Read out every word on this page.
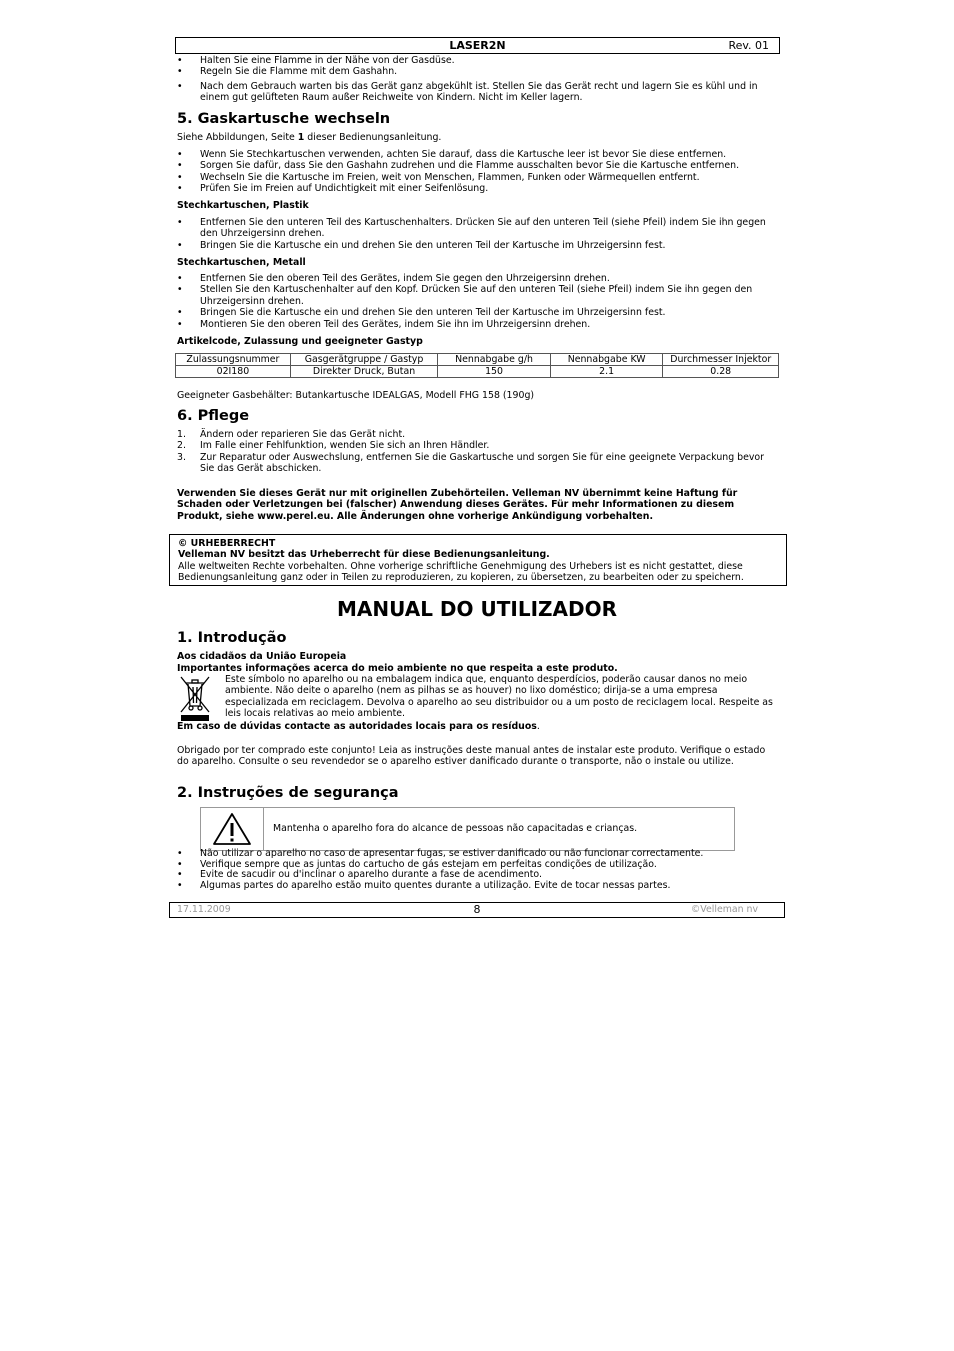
LASER2N	Rev. 01
• Halten Sie eine Flamme in der Nähe von der Gasdüse.
• Regeln Sie die Flamme mit dem Gashahn.
• Nach dem Gebrauch warten bis das Gerät ganz abgekühlt ist. Stellen Sie das Gerät recht und lagern Sie es kühl und in einem gut gelüfteten Raum außer Reichweite von Kindern. Nicht im Keller lagern.
5. Gaskartusche wechseln
Siehe Abbildungen, Seite 1 dieser Bedienungsanleitung.
• Wenn Sie Stechkartuschen verwenden, achten Sie darauf, dass die Kartusche leer ist bevor Sie diese entfernen.
• Sorgen Sie dafür, dass Sie den Gashahn zudrehen und die Flamme ausschalten bevor Sie die Kartusche entfernen.
• Wechseln Sie die Kartusche im Freien, weit von Menschen, Flammen, Funken oder Wärmequellen entfernt.
• Prüfen Sie im Freien auf Undichtigkeit mit einer Seifenlösung.
Stechkartuschen, Plastik
• Entfernen Sie den unteren Teil des Kartuschenhalters. Drücken Sie auf den unteren Teil (siehe Pfeil) indem Sie ihn gegen den Uhrzeigersinn drehen.
• Bringen Sie die Kartusche ein und drehen Sie den unteren Teil der Kartusche im Uhrzeigersinn fest.
Stechkartuschen, Metall
• Entfernen Sie den oberen Teil des Gerätes, indem Sie gegen den Uhrzeigersinn drehen.
• Stellen Sie den Kartuschenhalter auf den Kopf. Drücken Sie auf den unteren Teil (siehe Pfeil) indem Sie ihn gegen den Uhrzeigersinn drehen.
• Bringen Sie die Kartusche ein und drehen Sie den unteren Teil der Kartusche im Uhrzeigersinn fest.
• Montieren Sie den oberen Teil des Gerätes, indem Sie ihn im Uhrzeigersinn drehen.
Artikelcode, Zulassung und geeigneter Gastyp
Zulassungsnummer	Gasgerätgruppe / Gastyp	Nennabgabe g/h	Nennabgabe KW	Durchmesser Injektor
02I180	Direkter Druck, Butan	150	2.1	0.28
Geeigneter Gasbehälter: Butankartusche IDEALGAS, Modell FHG 158 (190g)
6. Pflege
1. Ändern oder reparieren Sie das Gerät nicht.
2. Im Falle einer Fehlfunktion, wenden Sie sich an Ihren Händler.
3. Zur Reparatur oder Auswechslung, entfernen Sie die Gaskartusche und sorgen Sie für eine geeignete Verpackung bevor Sie das Gerät abschicken.
Verwenden Sie dieses Gerät nur mit originellen Zubehörteilen. Velleman NV übernimmt keine Haftung für Schaden oder Verletzungen bei (falscher) Anwendung dieses Gerätes. Für mehr Informationen zu diesem Produkt, siehe www.perel.eu. Alle Änderungen ohne vorherige Ankündigung vorbehalten.
© URHEBERRECHT
Velleman NV besitzt das Urheberrecht für diese Bedienungsanleitung.
Alle weltweiten Rechte vorbehalten. Ohne vorherige schriftliche Genehmigung des Urhebers ist es nicht gestattet, diese Bedienungsanleitung ganz oder in Teilen zu reproduzieren, zu kopieren, zu übersetzen, zu bearbeiten oder zu speichern.
MANUAL DO UTILIZADOR
1. Introdução
Aos cidadãos da União Europeia
Importantes informações acerca do meio ambiente no que respeita a este produto.
Este símbolo no aparelho ou na embalagem indica que, enquanto desperdícios, poderão causar danos no meio ambiente. Não deite o aparelho (nem as pilhas se as houver) no lixo doméstico; dirija-se a uma empresa especializada em reciclagem. Devolva o aparelho ao seu distribuidor ou a um posto de reciclagem local. Respeite as leis locais relativas ao meio ambiente.
Em caso de dúvidas contacte as autoridades locais para os resíduos.
Obrigado por ter comprado este conjunto! Leia as instruções deste manual antes de instalar este produto. Verifique o estado do aparelho. Consulte o seu revendedor se o aparelho estiver danificado durante o transporte, não o instale ou utilize.
2. Instruções de segurança
Mantenha o aparelho fora do alcance de pessoas não capacitadas e crianças.
• Não utilizar o aparelho no caso de apresentar fugas, se estiver danificado ou não funcionar correctamente.
• Verifique sempre que as juntas do cartucho de gás estejam em perfeitas condições de utilização.
• Evite de sacudir ou d'inclinar o aparelho durante a fase de acendimento.
• Algumas partes do aparelho estão muito quentes durante a utilização. Evite de tocar nessas partes.
17.11.2009	8	©Velleman nv
